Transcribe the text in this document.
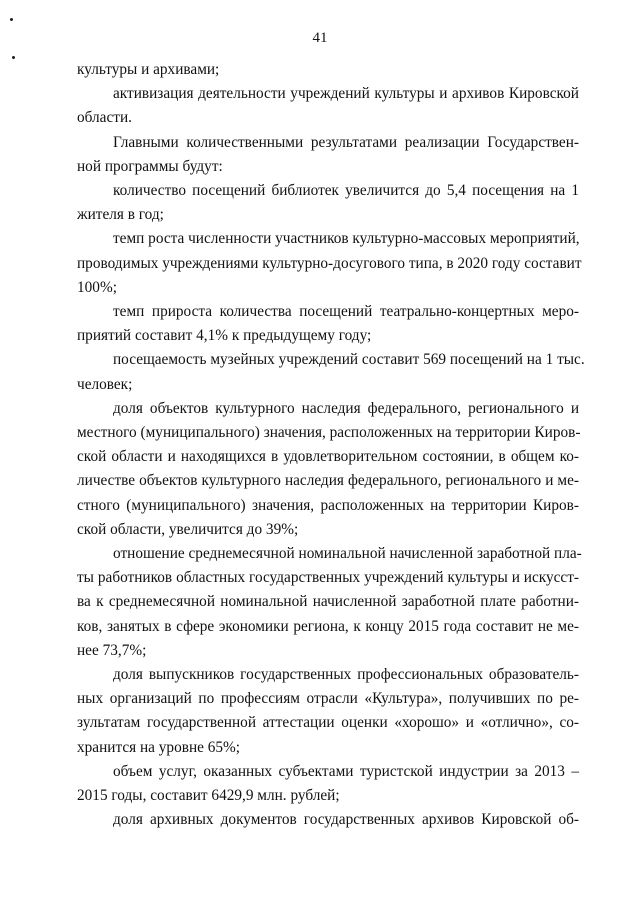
41
культуры и архивами;
активизация деятельности учреждений культуры и архивов Кировской
области.
Главными количественными результатами реализации Государствен-
ной программы будут:
количество посещений библиотек увеличится до 5,4 посещения на 1
жителя в год;
темп роста численности участников культурно-массовых мероприятий,
проводимых учреждениями культурно-досугового типа, в 2020 году составит
100%;
темп прироста количества посещений театрально-концертных меро-
приятий составит 4,1% к предыдущему году;
посещаемость музейных учреждений составит 569 посещений на 1 тыс.
человек;
доля объектов культурного наследия федерального, регионального и
местного (муниципального) значения, расположенных на территории Киров-
ской области и находящихся в удовлетворительном состоянии, в общем ко-
личестве объектов культурного наследия федерального, регионального и ме-
стного (муниципального) значения, расположенных на территории Киров-
ской области, увеличится до 39%;
отношение среднемесячной номинальной начисленной заработной пла-
ты работников областных государственных учреждений культуры и искусст-
ва к среднемесячной номинальной начисленной заработной плате работни-
ков, занятых в сфере экономики региона, к концу 2015 года составит не ме-
нее 73,7%;
доля выпускников государственных профессиональных образователь-
ных организаций по профессиям отрасли «Культура», получивших по ре-
зультатам государственной аттестации оценки «хорошо» и «отлично», со-
хранится на уровне 65%;
объем услуг, оказанных субъектами туристской индустрии за 2013 –
2015 годы, составит 6429,9 млн. рублей;
доля архивных документов государственных архивов Кировской об-
